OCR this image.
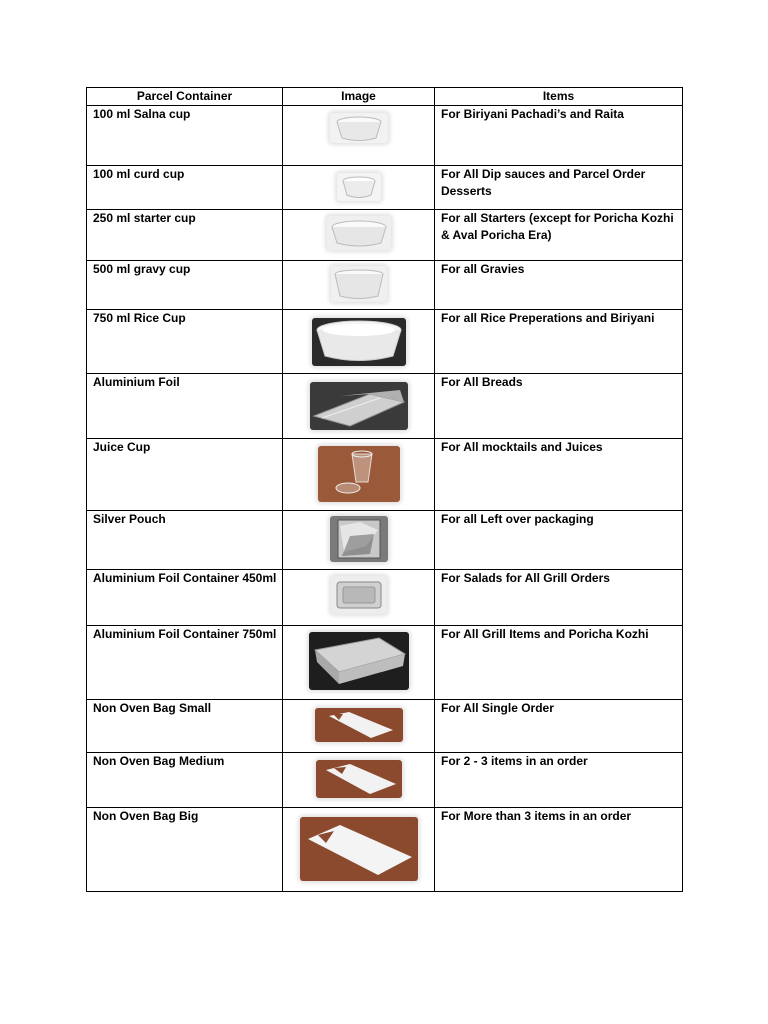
Parcel Container	Image	Items

100 ml Salna cup		For Biriyani Pachadi’s and Raita

100 ml curd cup		For All Dip sauces and Parcel Order Desserts

250 ml starter cup		For all Starters (except for Poricha Kozhi & Aval Poricha Era)

500 ml gravy cup		For all Gravies

750 ml Rice Cup		For all Rice Preperations and Biriyani

Aluminium Foil		For All Breads

Juice Cup		For All mocktails and Juices

Silver Pouch		For all Left over packaging

Aluminium Foil Container 450ml		For Salads for All Grill Orders

Aluminium Foil Container 750ml		For All Grill Items and Poricha Kozhi

Non Oven Bag Small		For All Single Order

Non Oven Bag Medium		For 2 - 3 items in an order

Non Oven Bag Big		For More than 3 items in an order
